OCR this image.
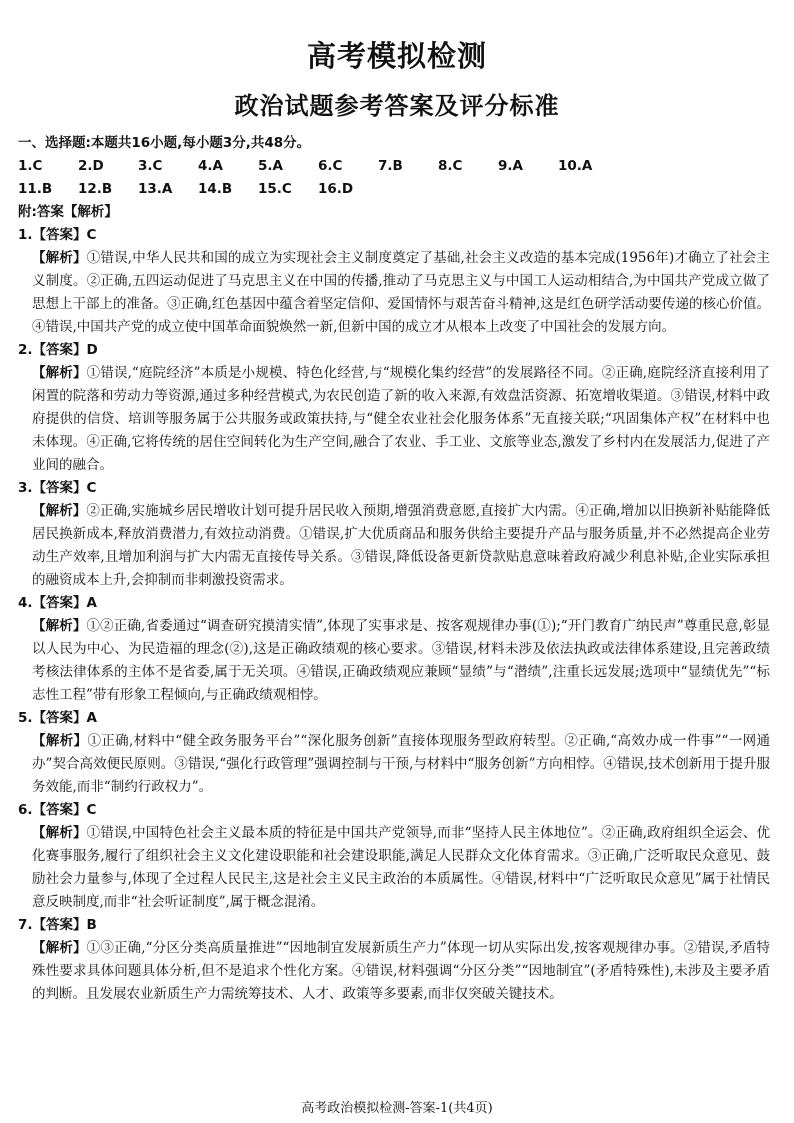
高考模拟检测
政治试题参考答案及评分标准
一、选择题:本题共16小题,每小题3分,共48分。
1.C	2.D	3.C	4.A	5.A	6.C	7.B	8.C	9.A	10.A
11.B	12.B	13.A	14.B	15.C	16.D
附:答案【解析】
1.【答案】C
【解析】①错误,中华人民共和国的成立为实现社会主义制度奠定了基础,社会主义改造的基本完成(1956年)才确立了社会主义制度。②正确,五四运动促进了马克思主义在中国的传播,推动了马克思主义与中国工人运动相结合,为中国共产党成立做了思想上干部上的准备。③正确,红色基因中蕴含着坚定信仰、爱国情怀与艰苦奋斗精神,这是红色研学活动要传递的核心价值。④错误,中国共产党的成立使中国革命面貌焕然一新,但新中国的成立才从根本上改变了中国社会的发展方向。
2.【答案】D
【解析】①错误,“庭院经济”本质是小规模、特色化经营,与“规模化集约经营”的发展路径不同。②正确,庭院经济直接利用了闲置的院落和劳动力等资源,通过多种经营模式,为农民创造了新的收入来源,有效盘活资源、拓宽增收渠道。③错误,材料中政府提供的信贷、培训等服务属于公共服务或政策扶持,与“健全农业社会化服务体系”无直接关联;“巩固集体产权”在材料中也未体现。④正确,它将传统的居住空间转化为生产空间,融合了农业、手工业、文旅等业态,激发了乡村内在发展活力,促进了产业间的融合。
3.【答案】C
【解析】②正确,实施城乡居民增收计划可提升居民收入预期,增强消费意愿,直接扩大内需。④正确,增加以旧换新补贴能降低居民换新成本,释放消费潜力,有效拉动消费。①错误,扩大优质商品和服务供给主要提升产品与服务质量,并不必然提高企业劳动生产效率,且增加利润与扩大内需无直接传导关系。③错误,降低设备更新贷款贴息意味着政府减少利息补贴,企业实际承担的融资成本上升,会抑制而非刺激投资需求。
4.【答案】A
【解析】①②正确,省委通过“调查研究摸清实情”,体现了实事求是、按客观规律办事(①);“开门教育广纳民声”尊重民意,彰显以人民为中心、为民造福的理念(②),这是正确政绩观的核心要求。③错误,材料未涉及依法执政或法律体系建设,且完善政绩考核法律体系的主体不是省委,属于无关项。④错误,正确政绩观应兼顾“显绩”与“潜绩”,注重长远发展;选项中“显绩优先”“标志性工程”带有形象工程倾向,与正确政绩观相悖。
5.【答案】A
【解析】①正确,材料中“健全政务服务平台”“深化服务创新”直接体现服务型政府转型。②正确,“高效办成一件事”“一网通办”契合高效便民原则。③错误,“强化行政管理”强调控制与干预,与材料中“服务创新”方向相悖。④错误,技术创新用于提升服务效能,而非“制约行政权力”。
6.【答案】C
【解析】①错误,中国特色社会主义最本质的特征是中国共产党领导,而非“坚持人民主体地位”。②正确,政府组织全运会、优化赛事服务,履行了组织社会主义文化建设职能和社会建设职能,满足人民群众文化体育需求。③正确,广泛听取民众意见、鼓励社会力量参与,体现了全过程人民民主,这是社会主义民主政治的本质属性。④错误,材料中“广泛听取民众意见”属于社情民意反映制度,而非“社会听证制度”,属于概念混淆。
7.【答案】B
【解析】①③正确,“分区分类高质量推进”“因地制宜发展新质生产力”体现一切从实际出发,按客观规律办事。②错误,矛盾特殊性要求具体问题具体分析,但不是追求个性化方案。④错误,材料强调“分区分类”“因地制宜”(矛盾特殊性),未涉及主要矛盾的判断。且发展农业新质生产力需统筹技术、人才、政策等多要素,而非仅突破关键技术。
高考政治模拟检测-答案-1(共4页)
